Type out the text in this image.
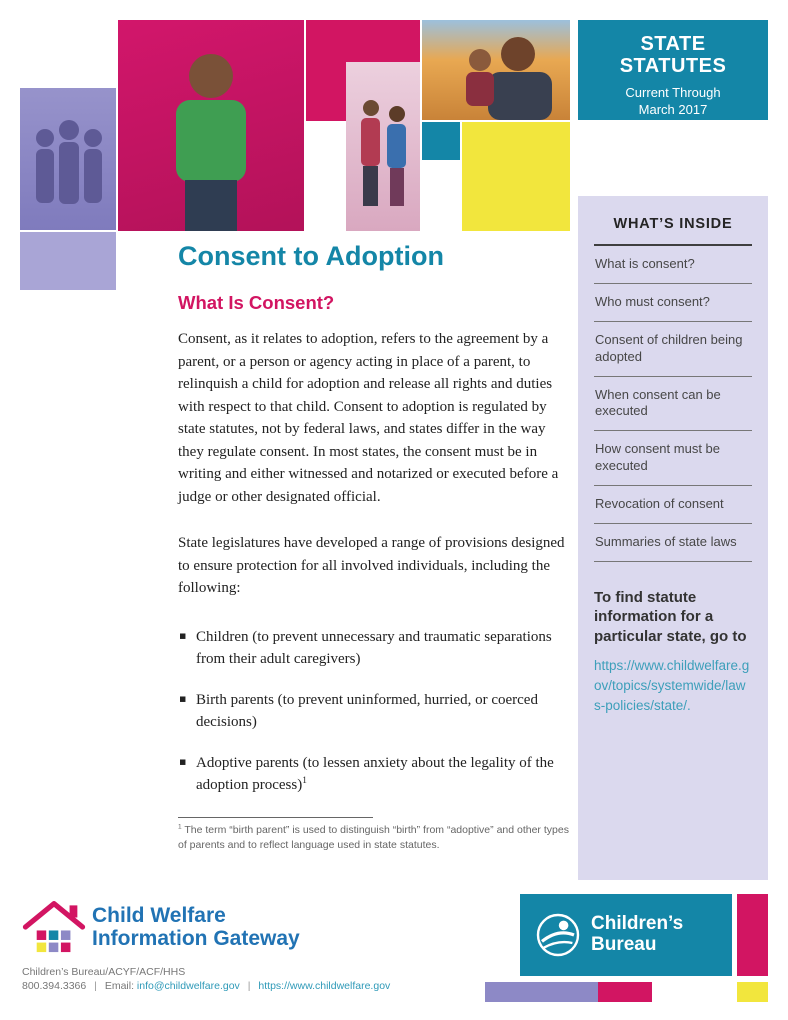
STATE
STATUTES
Current Through
March 2017
WHAT’S INSIDE
What is consent?
Who must consent?
Consent of children being adopted
When consent can be executed
How consent must be executed
Revocation of consent
Summaries of state laws

To find statute information for a particular state, go to

https://www.childwelfare.gov/topics/systemwide/laws-policies/state/.
Consent to Adoption
What Is Consent?

Consent, as it relates to adoption, refers to the agreement by a parent, or a person or agency acting in place of a parent, to relinquish a child for adoption and release all rights and duties with respect to that child. Consent to adoption is regulated by state statutes, not by federal laws, and states differ in the way they regulate consent. In most states, the consent must be in writing and either witnessed and notarized or executed before a judge or other designated official.

State legislatures have developed a range of provisions designed to ensure protection for all involved individuals, including the following:

▪ Children (to prevent unnecessary and traumatic separations from their adult caregivers)
▪ Birth parents (to prevent uninformed, hurried, or coerced decisions)
▪ Adoptive parents (to lessen anxiety about the legality of the adoption process)$^1$

$^1$ The term “birth parent” is used to distinguish “birth” from “adoptive” and other types of parents and to reflect language used in state statutes.

Child Welfare
Information Gateway
Children’s Bureau/ACYF/ACF/HHS
800.394.3366 | Email: info@childwelfare.gov | https://www.childwelfare.gov
Children’s
Bureau
